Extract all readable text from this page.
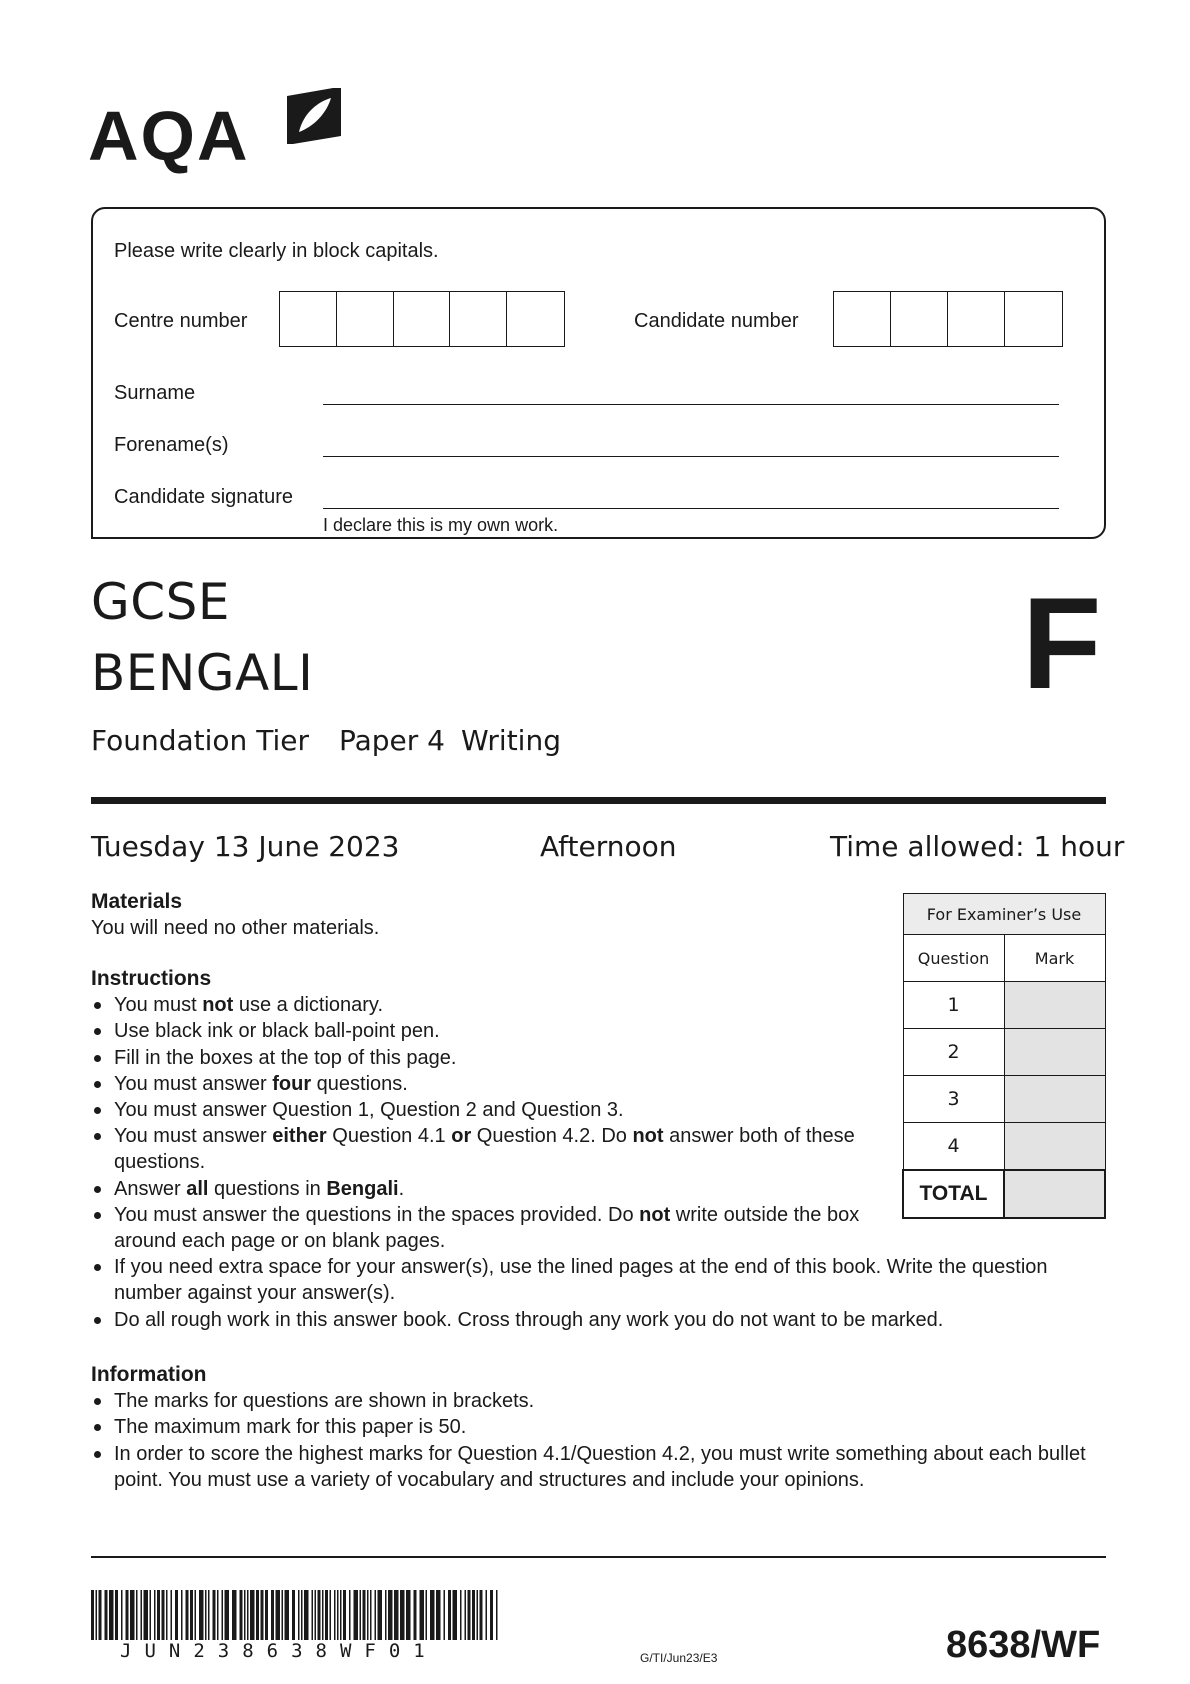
AQA
Please write clearly in block capitals.
Centre number	Candidate number
Surname
Forename(s)
Candidate signature
I declare this is my own work.
GCSE
BENGALI	F
Foundation Tier Paper 4 Writing
Tuesday 13 June 2023	Afternoon	Time allowed: 1 hour
Materials
You will need no other materials.
Instructions
You must not use a dictionary.
Use black ink or black ball-point pen.
Fill in the boxes at the top of this page.
You must answer four questions.
You must answer Question 1, Question 2 and Question 3.
You must answer either Question 4.1 or Question 4.2. Do not answer both of these questions.
Answer all questions in Bengali.
You must answer the questions in the spaces provided. Do not write outside the box around each page or on blank pages.
If you need extra space for your answer(s), use the lined pages at the end of this book. Write the question number against your answer(s).
Do all rough work in this answer book. Cross through any work you do not want to be marked.
Information
The marks for questions are shown in brackets.
The maximum mark for this paper is 50.
In order to score the highest marks for Question 4.1/Question 4.2, you must write something about each bullet point. You must use a variety of vocabulary and structures and include your opinions.
For Examiner’s Use	
Question	Mark
1	
2	
3	
4	
TOTAL	
JUN238638WF01	G/TI/Jun23/E3	8638/WF
